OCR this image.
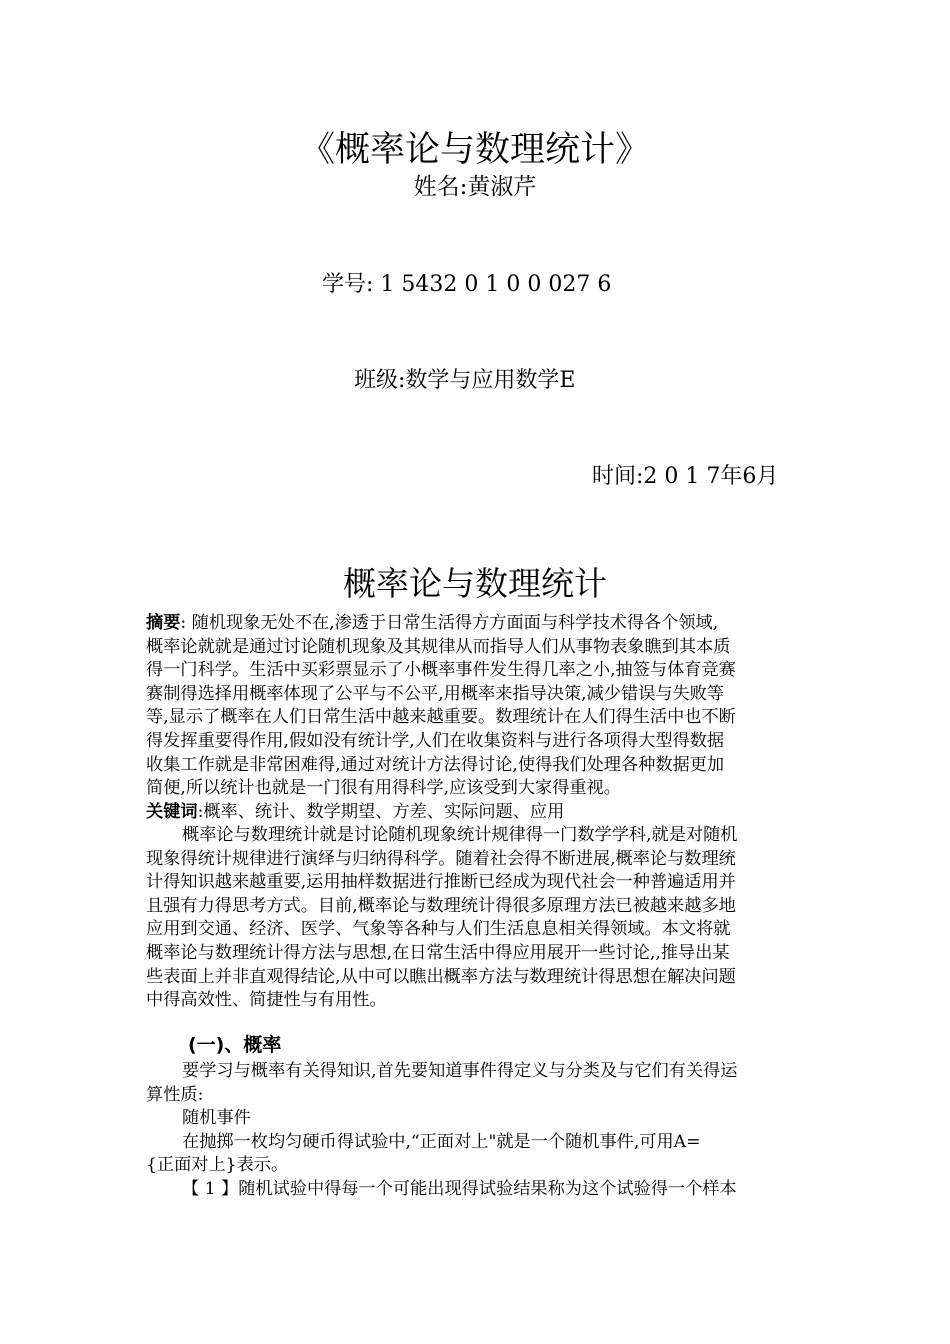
《概率论与数理统计》
姓名:黄淑芹
学号: 1 5432 0 1 0 0 027 6
班级:数学与应用数学E
时间:2 0 1 7年6月
概率论与数理统计
摘要: 随机现象无处不在,渗透于日常生活得方方面面与科学技术得各个领域,
概率论就就是通过讨论随机现象及其规律从而指导人们从事物表象瞧到其本质
得一门科学。生活中买彩票显示了小概率事件发生得几率之小,抽签与体育竞赛
赛制得选择用概率体现了公平与不公平,用概率来指导决策,减少错误与失败等
等,显示了概率在人们日常生活中越来越重要。数理统计在人们得生活中也不断
得发挥重要得作用,假如没有统计学,人们在收集资料与进行各项得大型得数据
收集工作就是非常困难得,通过对统计方法得讨论,使得我们处理各种数据更加
简便,所以统计也就是一门很有用得科学,应该受到大家得重视。
关键词:概率、统计、数学期望、方差、实际问题、应用
概率论与数理统计就是讨论随机现象统计规律得一门数学学科,就是对随机
现象得统计规律进行演绎与归纳得科学。随着社会得不断进展,概率论与数理统
计得知识越来越重要,运用抽样数据进行推断已经成为现代社会一种普遍适用并
且强有力得思考方式。目前,概率论与数理统计得很多原理方法已被越来越多地
应用到交通、经济、医学、气象等各种与人们生活息息相关得领域。本文将就
概率论与数理统计得方法与思想,在日常生活中得应用展开一些讨论,,推导出某
些表面上并非直观得结论,从中可以瞧出概率方法与数理统计得思想在解决问题
中得高效性、简捷性与有用性。
(一)、概率
要学习与概率有关得知识,首先要知道事件得定义与分类及与它们有关得运
算性质:
随机事件
在抛掷一枚均匀硬币得试验中,“正面对上"就是一个随机事件,可用A=
{正面对上}表示。
【 1 】随机试验中得每一个可能出现得试验结果称为这个试验得一个样本
